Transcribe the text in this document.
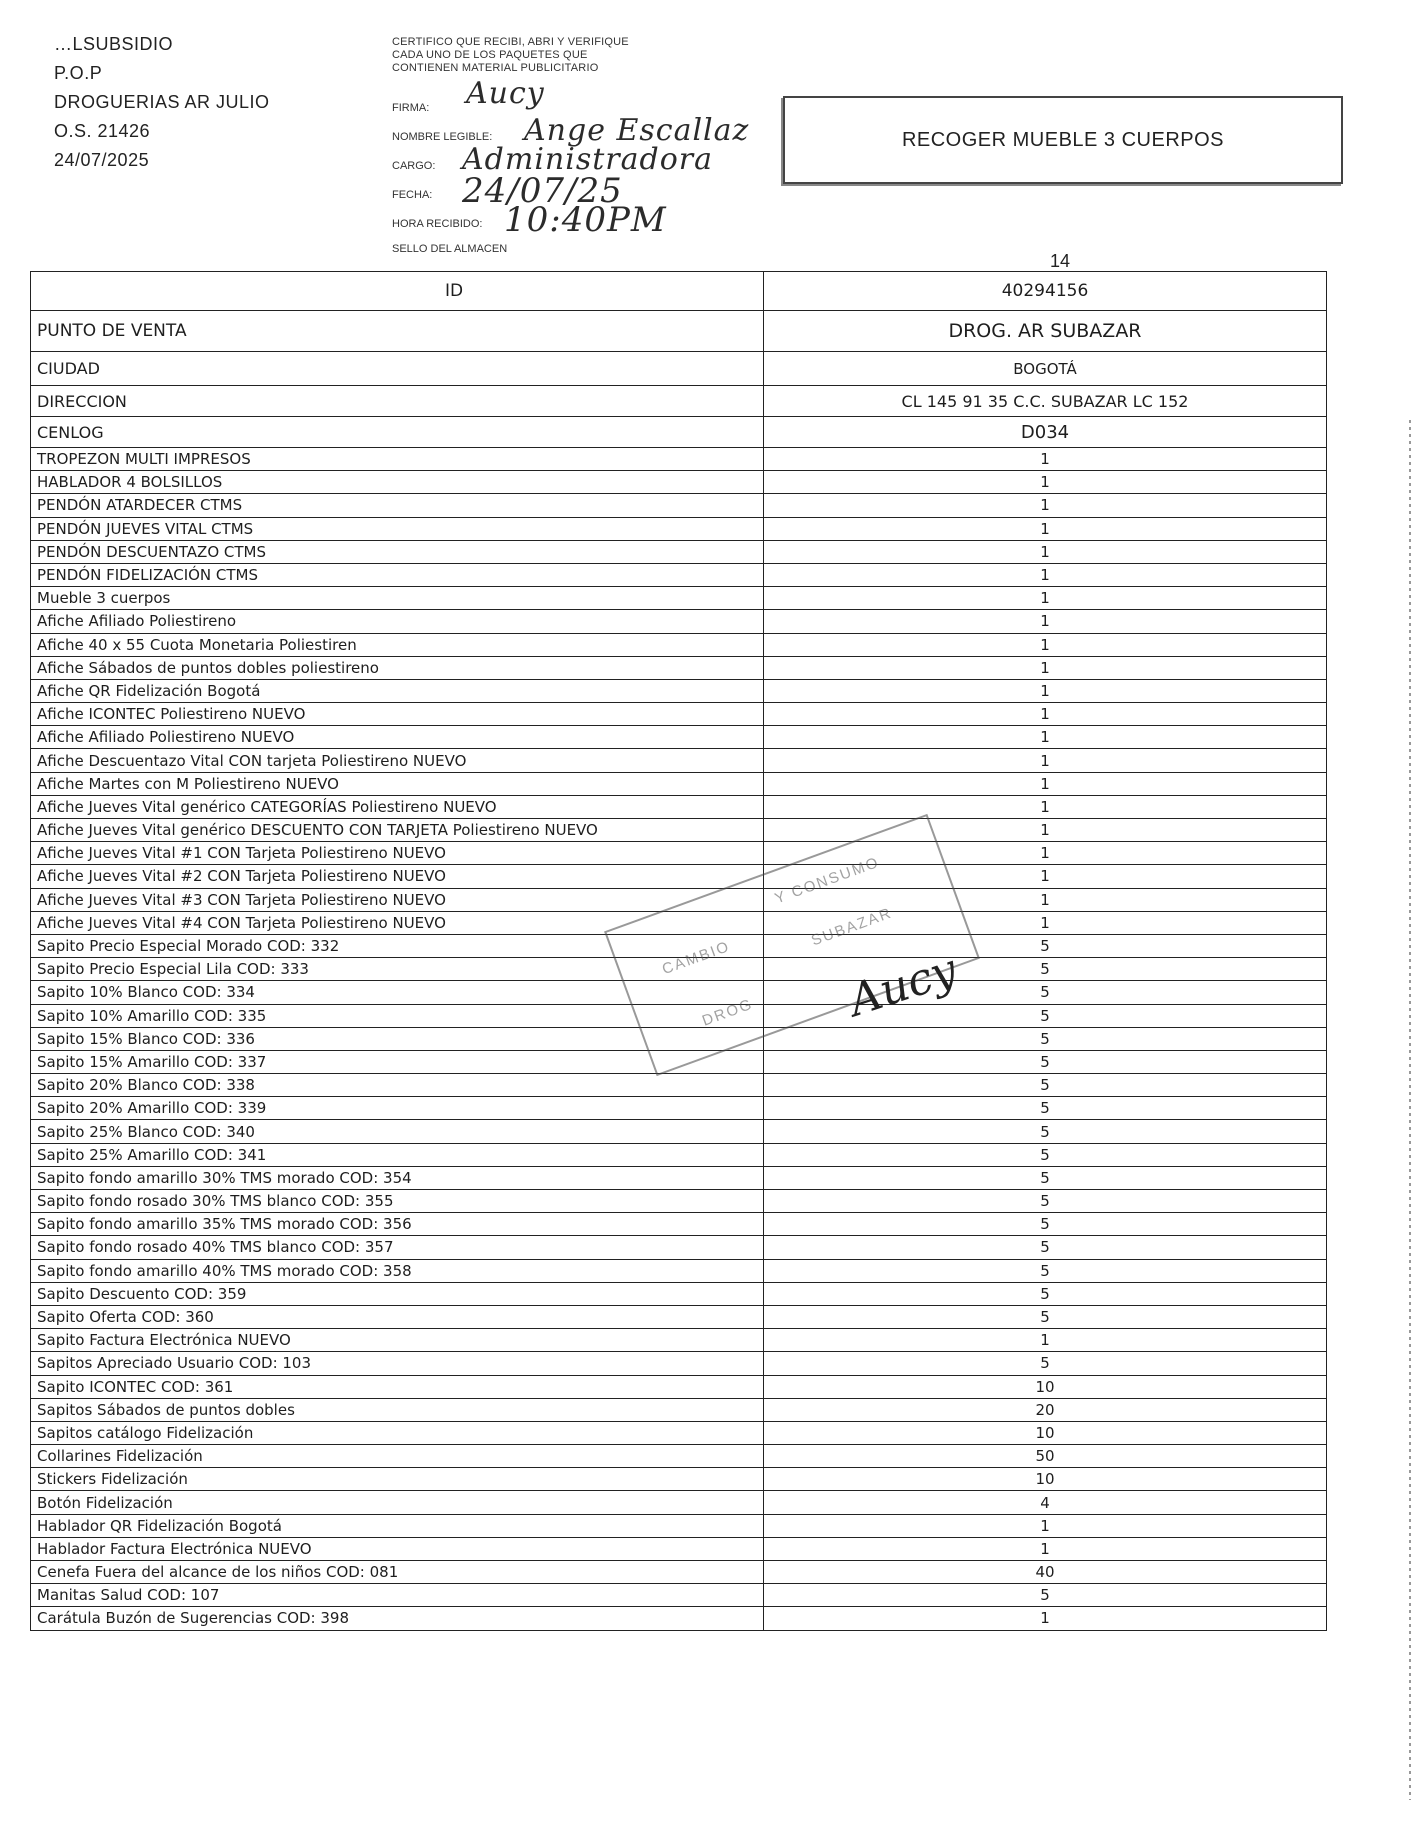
…LSUBSIDIO
P.O.P
DROGUERIAS AR JULIO
O.S. 21426
24/07/2025
CERTIFICO QUE RECIBI, ABRI Y VERIFIQUE
CADA UNO DE LOS PAQUETES QUE
CONTIENEN MATERIAL PUBLICITARIO
FIRMA: Aucy
NOMBRE LEGIBLE: Ange Escallaz
CARGO: Administradora
FECHA: 24/07/25
HORA RECIBIDO: 10:40PM
SELLO DEL ALMACEN
RECOGER MUEBLE 3 CUERPOS
14
ID	40294156
PUNTO DE VENTA	DROG. AR SUBAZAR
CIUDAD	BOGOTÁ
DIRECCION	CL 145 91 35 C.C. SUBAZAR LC 152
CENLOG	D034
TROPEZON MULTI IMPRESOS	1
HABLADOR 4 BOLSILLOS	1
PENDÓN ATARDECER CTMS	1
PENDÓN JUEVES VITAL CTMS	1
PENDÓN DESCUENTAZO CTMS	1
PENDÓN FIDELIZACIÓN CTMS	1
Mueble 3 cuerpos	1
Afiche Afiliado Poliestireno	1
Afiche 40 x 55 Cuota Monetaria Poliestiren	1
Afiche Sábados de puntos dobles poliestireno	1
Afiche QR Fidelización Bogotá	1
Afiche ICONTEC Poliestireno NUEVO	1
Afiche Afiliado Poliestireno NUEVO	1
Afiche Descuentazo Vital CON tarjeta Poliestireno NUEVO	1
Afiche Martes con M Poliestireno NUEVO	1
Afiche Jueves Vital genérico CATEGORÍAS Poliestireno NUEVO	1
Afiche Jueves Vital genérico DESCUENTO CON TARJETA Poliestireno NUEVO	1
Afiche Jueves Vital #1 CON Tarjeta Poliestireno NUEVO	1
Afiche Jueves Vital #2 CON Tarjeta Poliestireno NUEVO	1
Afiche Jueves Vital #3 CON Tarjeta Poliestireno NUEVO	1
Afiche Jueves Vital #4 CON Tarjeta Poliestireno NUEVO	1
Sapito Precio Especial Morado COD: 332	5
Sapito Precio Especial Lila COD: 333	5
Sapito 10% Blanco COD: 334	5
Sapito 10% Amarillo COD: 335	5
Sapito 15% Blanco COD: 336	5
Sapito 15% Amarillo COD: 337	5
Sapito 20% Blanco COD: 338	5
Sapito 20% Amarillo COD: 339	5
Sapito 25% Blanco COD: 340	5
Sapito 25% Amarillo COD: 341	5
Sapito fondo amarillo 30% TMS morado COD: 354	5
Sapito fondo rosado 30% TMS blanco COD: 355	5
Sapito fondo amarillo 35% TMS morado COD: 356	5
Sapito fondo rosado 40% TMS blanco COD: 357	5
Sapito fondo amarillo 40% TMS morado COD: 358	5
Sapito Descuento COD: 359	5
Sapito Oferta COD: 360	5
Sapito Factura Electrónica NUEVO	1
Sapitos Apreciado Usuario COD: 103	5
Sapito ICONTEC COD: 361	10
Sapitos Sábados de puntos dobles	20
Sapitos catálogo Fidelización	10
Collarines Fidelización	50
Stickers Fidelización	10
Botón Fidelización	4
Hablador QR Fidelización Bogotá	1
Hablador Factura Electrónica NUEVO	1
Cenefa Fuera del alcance de los niños COD: 081	40
Manitas Salud COD: 107	5
Carátula Buzón de Sugerencias COD: 398	1
CAMBIO
Y CONSUMO
SUBAZAR
DROG Aucy
